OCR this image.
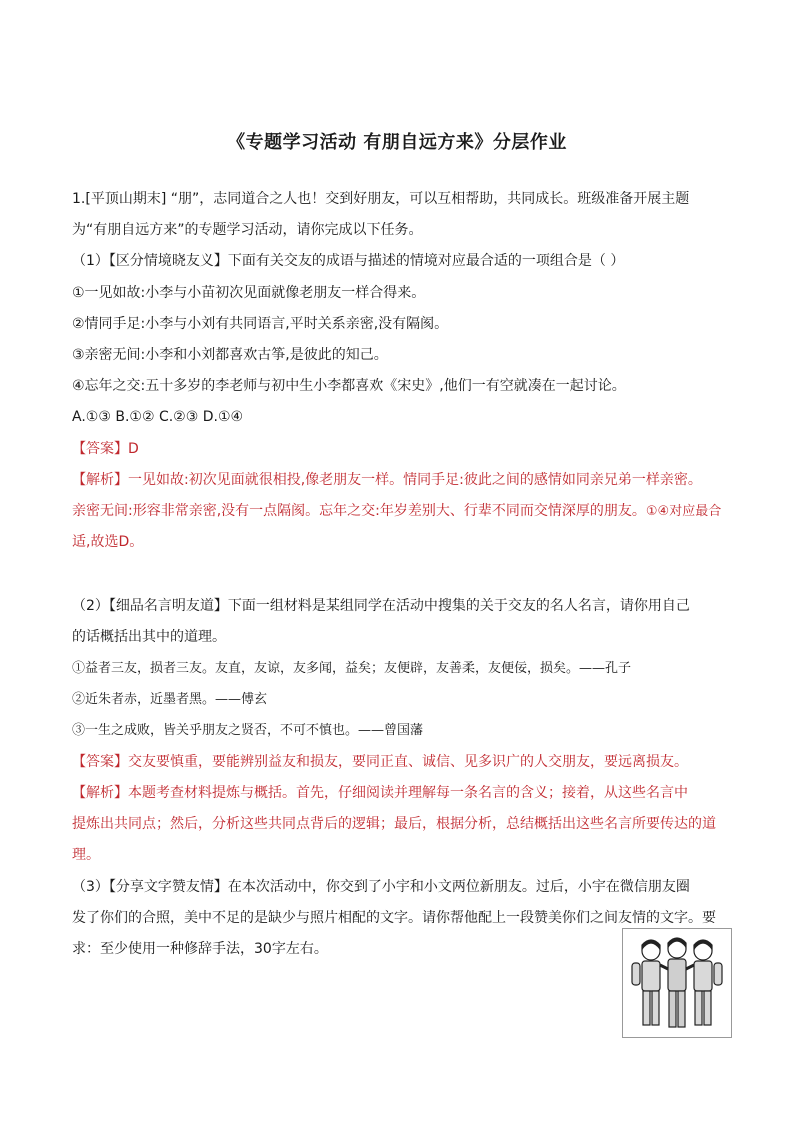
《专题学习活动 有朋自远方来》分层作业
1.[平顶山期末] “朋”，志同道合之人也！交到好朋友，可以互相帮助，共同成长。班级准备开展主题
为“有朋自远方来”的专题学习活动，请你完成以下任务。
（1）【区分情境晓友义】下面有关交友的成语与描述的情境对应最合适的一项组合是（ ）
①一见如故:小李与小苗初次见面就像老朋友一样合得来。
②情同手足:小李与小刘有共同语言,平时关系亲密,没有隔阂。
③亲密无间:小李和小刘都喜欢古筝,是彼此的知己。
④忘年之交:五十多岁的李老师与初中生小李都喜欢《宋史》,他们一有空就凑在一起讨论。
A.①③ B.①② C.②③ D.①④
【答案】D
【解析】一见如故:初次见面就很相投,像老朋友一样。情同手足:彼此之间的感情如同亲兄弟一样亲密。
亲密无间:形容非常亲密,没有一点隔阂。忘年之交:年岁差别大、行辈不同而交情深厚的朋友。①④对应最合
适,故选D。
（2）【细品名言明友道】下面一组材料是某组同学在活动中搜集的关于交友的名人名言，请你用自己
的话概括出其中的道理。
①益者三友，损者三友。友直，友谅，友多闻，益矣；友便辟，友善柔，友便佞，损矣。——孔子
②近朱者赤，近墨者黑。——傅玄
③一生之成败，皆关乎朋友之贤否，不可不慎也。——曾国藩
【答案】交友要慎重，要能辨别益友和损友，要同正直、诚信、见多识广的人交朋友，要远离损友。
【解析】本题考查材料提炼与概括。首先，仔细阅读并理解每一条名言的含义；接着，从这些名言中
提炼出共同点；然后，分析这些共同点背后的逻辑；最后，根据分析，总结概括出这些名言所要传达的道
理。
（3）【分享文字赞友情】在本次活动中，你交到了小宇和小文两位新朋友。过后，小宇在微信朋友圈
发了你们的合照，美中不足的是缺少与照片相配的文字。请你帮他配上一段赞美你们之间友情的文字。要
求：至少使用一种修辞手法，30字左右。
